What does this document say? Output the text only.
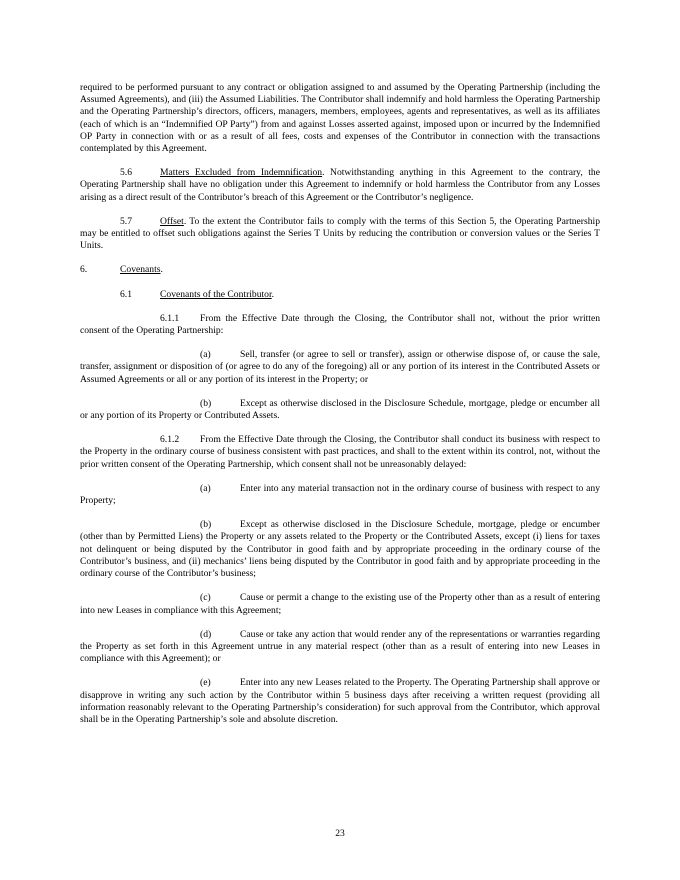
required to be performed pursuant to any contract or obligation assigned to and assumed by the Operating Partnership (including the Assumed Agreements), and (iii) the Assumed Liabilities. The Contributor shall indemnify and hold harmless the Operating Partnership and the Operating Partnership’s directors, officers, managers, members, employees, agents and representatives, as well as its affiliates (each of which is an “Indemnified OP Party”) from and against Losses asserted against, imposed upon or incurred by the Indemnified OP Party in connection with or as a result of all fees, costs and expenses of the Contributor in connection with the transactions contemplated by this Agreement.

5.6	Matters Excluded from Indemnification. Notwithstanding anything in this Agreement to the contrary, the Operating Partnership shall have no obligation under this Agreement to indemnify or hold harmless the Contributor from any Losses arising as a direct result of the Contributor’s breach of this Agreement or the Contributor’s negligence.

5.7	Offset. To the extent the Contributor fails to comply with the terms of this Section 5, the Operating Partnership may be entitled to offset such obligations against the Series T Units by reducing the contribution or conversion values or the Series T Units.

6.	Covenants.

6.1	Covenants of the Contributor.

6.1.1 From the Effective Date through the Closing, the Contributor shall not, without the prior written consent of the Operating Partnership:

(a)	Sell, transfer (or agree to sell or transfer), assign or otherwise dispose of, or cause the sale, transfer, assignment or disposition of (or agree to do any of the foregoing) all or any portion of its interest in the Contributed Assets or Assumed Agreements or all or any portion of its interest in the Property; or

(b)	Except as otherwise disclosed in the Disclosure Schedule, mortgage, pledge or encumber all or any portion of its Property or Contributed Assets.

6.1.2 From the Effective Date through the Closing, the Contributor shall conduct its business with respect to the Property in the ordinary course of business consistent with past practices, and shall to the extent within its control, not, without the prior written consent of the Operating Partnership, which consent shall not be unreasonably delayed:

(a)	Enter into any material transaction not in the ordinary course of business with respect to any Property;

(b)	Except as otherwise disclosed in the Disclosure Schedule, mortgage, pledge or encumber (other than by Permitted Liens) the Property or any assets related to the Property or the Contributed Assets, except (i) liens for taxes not delinquent or being disputed by the Contributor in good faith and by appropriate proceeding in the ordinary course of the Contributor’s business, and (ii) mechanics’ liens being disputed by the Contributor in good faith and by appropriate proceeding in the ordinary course of the Contributor’s business;

(c)	Cause or permit a change to the existing use of the Property other than as a result of entering into new Leases in compliance with this Agreement;

(d)	Cause or take any action that would render any of the representations or warranties regarding the Property as set forth in this Agreement untrue in any material respect (other than as a result of entering into new Leases in compliance with this Agreement); or

(e)	Enter into any new Leases related to the Property. The Operating Partnership shall approve or disapprove in writing any such action by the Contributor within 5 business days after receiving a written request (providing all information reasonably relevant to the Operating Partnership’s consideration) for such approval from the Contributor, which approval shall be in the Operating Partnership’s sole and absolute discretion.

23
